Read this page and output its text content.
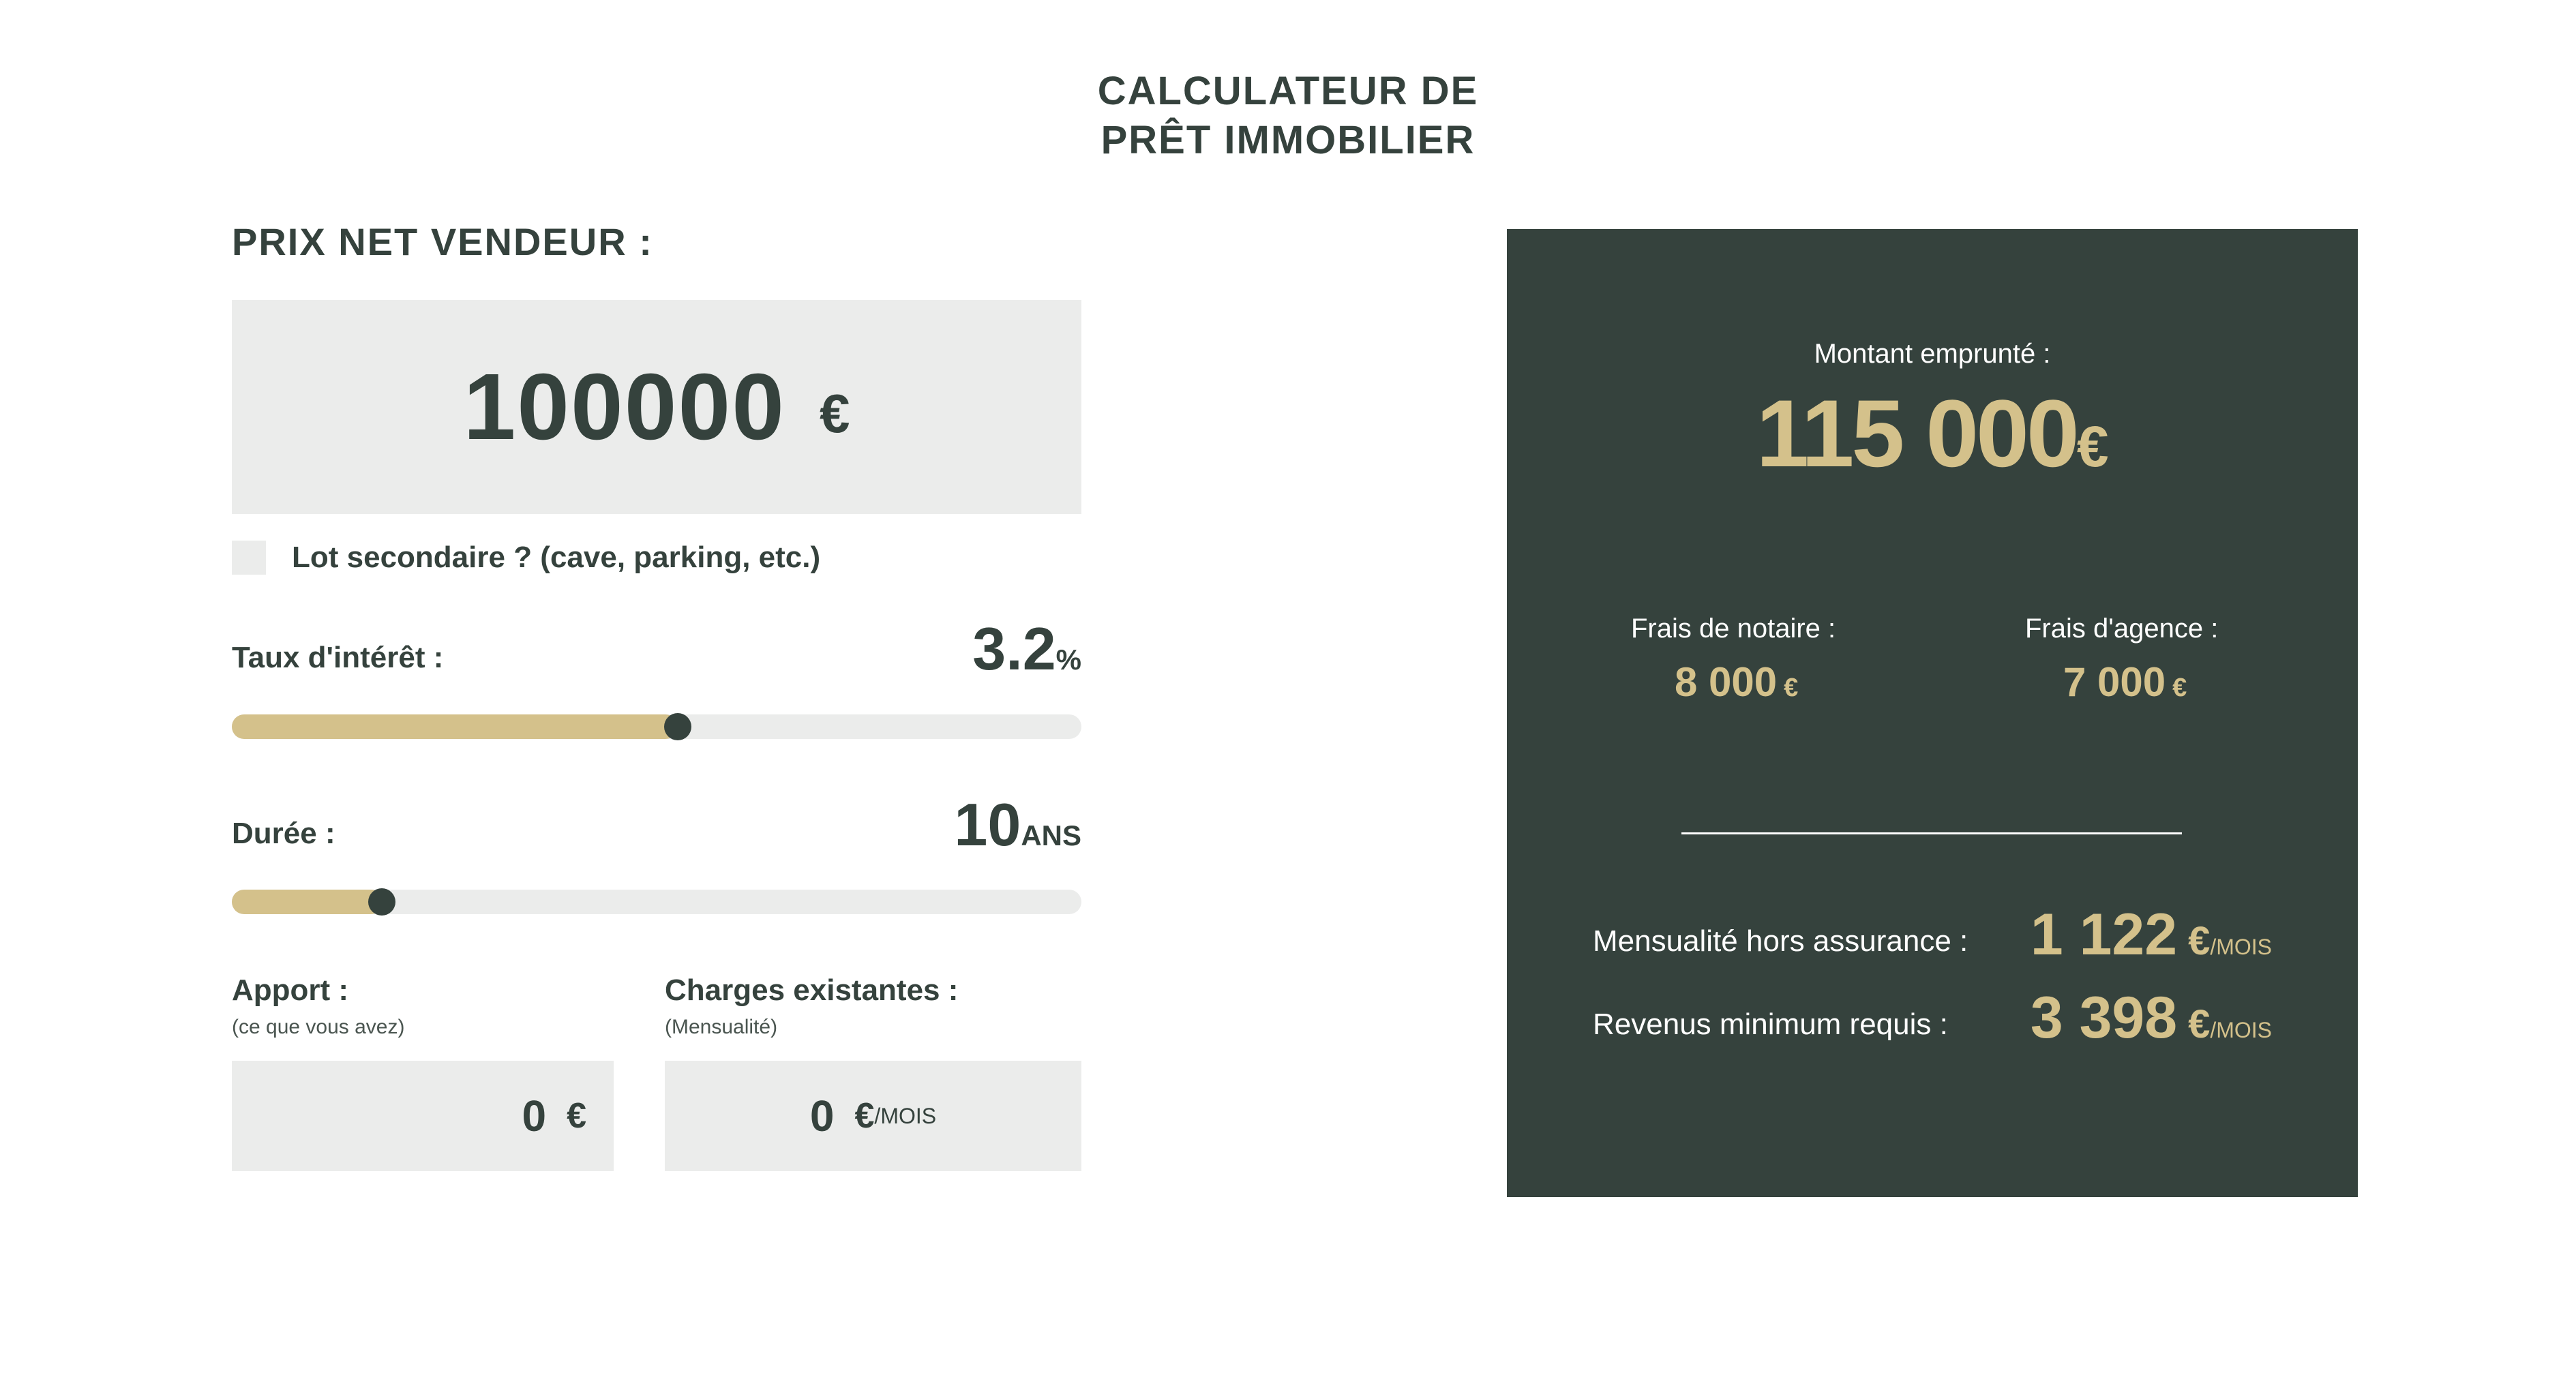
CALCULATEUR DE
PRÊT IMMOBILIER
PRIX NET VENDEUR :
100000 €
Lot secondaire ? (cave, parking, etc.)
Taux d'intérêt :	3.2%
Durée :	10ANS
Apport :
(ce que vous avez)
0 €
Charges existantes :
(Mensualité)
0 € /MOIS
Montant emprunté :
115 000€
Frais de notaire :
8 000 €
Frais d'agence :
7 000 €
Mensualité hors assurance : 1 122 €/MOIS
Revenus minimum requis : 3 398 €/MOIS
